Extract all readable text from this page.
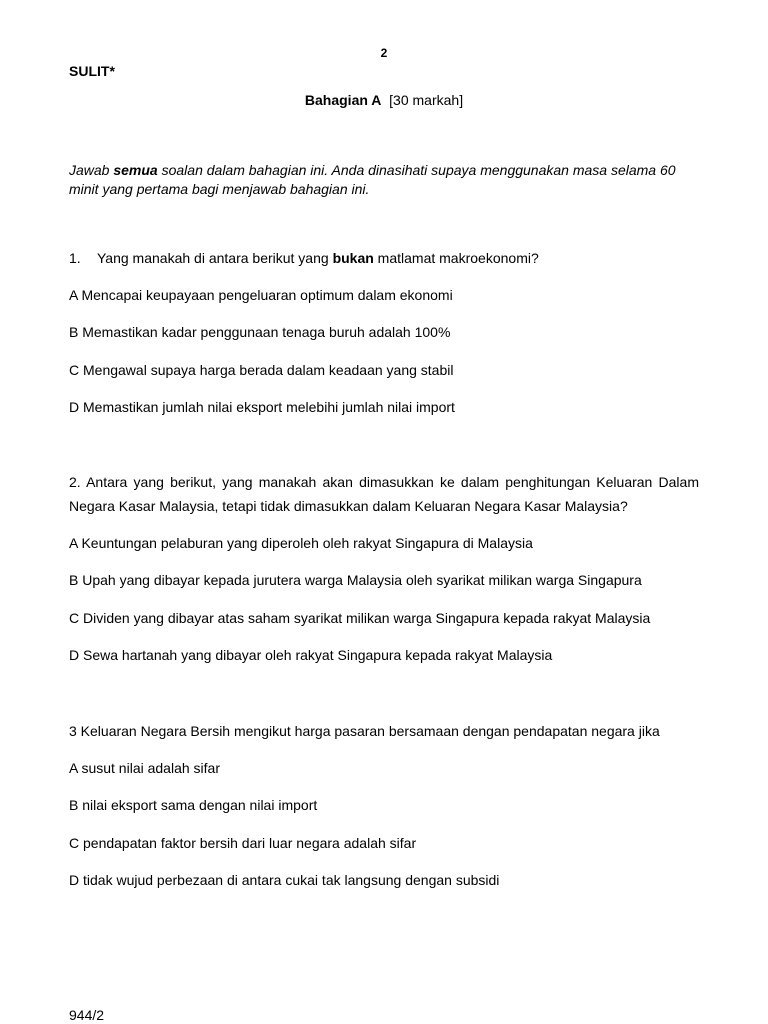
2
SULIT*
Bahagian A [30 markah]
Jawab semua soalan dalam bahagian ini. Anda dinasihati supaya menggunakan masa selama 60
minit yang pertama bagi menjawab bahagian ini.
1. Yang manakah di antara berikut yang bukan matlamat makroekonomi?
A Mencapai keupayaan pengeluaran optimum dalam ekonomi
B Memastikan kadar penggunaan tenaga buruh adalah 100%
C Mengawal supaya harga berada dalam keadaan yang stabil
D Memastikan jumlah nilai eksport melebihi jumlah nilai import
2. Antara yang berikut, yang manakah akan dimasukkan ke dalam penghitungan Keluaran Dalam
Negara Kasar Malaysia, tetapi tidak dimasukkan dalam Keluaran Negara Kasar Malaysia?
A Keuntungan pelaburan yang diperoleh oleh rakyat Singapura di Malaysia
B Upah yang dibayar kepada jurutera warga Malaysia oleh syarikat milikan warga Singapura
C Dividen yang dibayar atas saham syarikat milikan warga Singapura kepada rakyat Malaysia
D Sewa hartanah yang dibayar oleh rakyat Singapura kepada rakyat Malaysia
3 Keluaran Negara Bersih mengikut harga pasaran bersamaan dengan pendapatan negara jika
A susut nilai adalah sifar
B nilai eksport sama dengan nilai import
C pendapatan faktor bersih dari luar negara adalah sifar
D tidak wujud perbezaan di antara cukai tak langsung dengan subsidi
944/2
